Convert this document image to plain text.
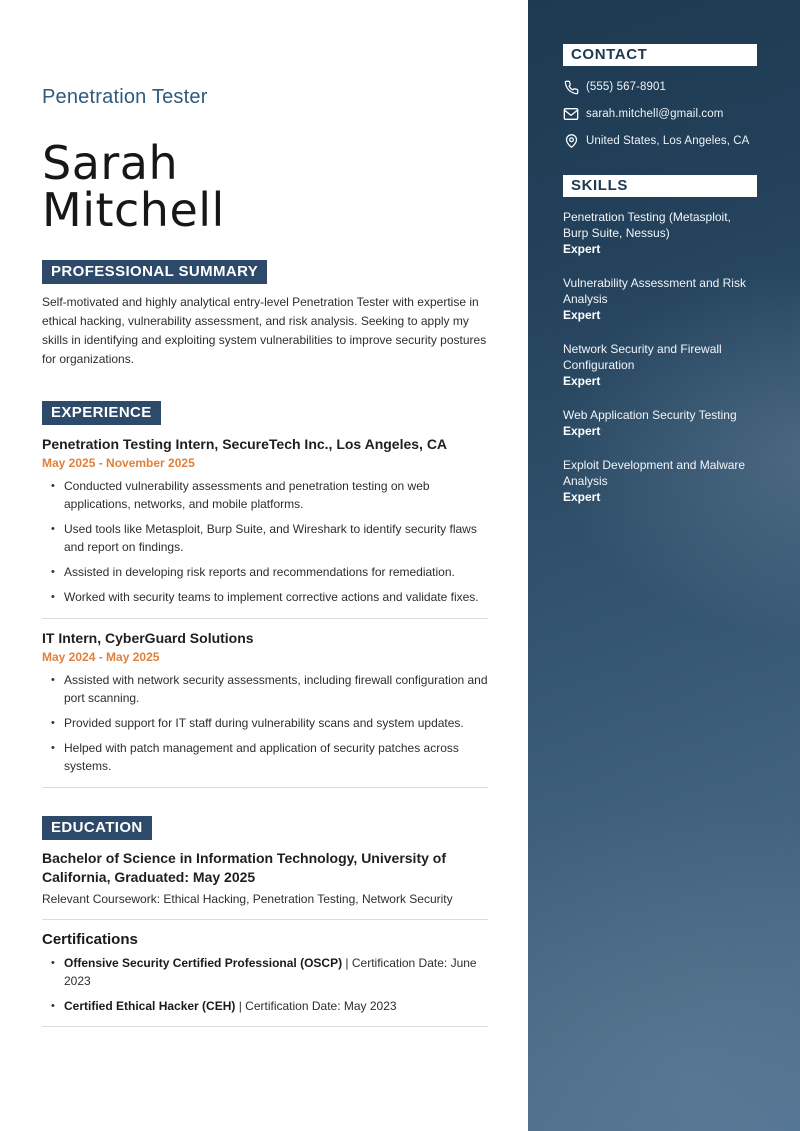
Penetration Tester
Sarah
Mitchell
PROFESSIONAL SUMMARY
Self-motivated and highly analytical entry-level Penetration Tester with expertise in ethical hacking, vulnerability assessment, and risk analysis. Seeking to apply my skills in identifying and exploiting system vulnerabilities to improve security postures for organizations.
EXPERIENCE
Penetration Testing Intern, SecureTech Inc., Los Angeles, CA
May 2025 - November 2025
• Conducted vulnerability assessments and penetration testing on web applications, networks, and mobile platforms.
• Used tools like Metasploit, Burp Suite, and Wireshark to identify security flaws and report on findings.
• Assisted in developing risk reports and recommendations for remediation.
• Worked with security teams to implement corrective actions and validate fixes.
IT Intern, CyberGuard Solutions
May 2024 - May 2025
• Assisted with network security assessments, including firewall configuration and port scanning.
• Provided support for IT staff during vulnerability scans and system updates.
• Helped with patch management and application of security patches across systems.
EDUCATION
Bachelor of Science in Information Technology, University of California, Graduated: May 2025
Relevant Coursework: Ethical Hacking, Penetration Testing, Network Security
Certifications
• Offensive Security Certified Professional (OSCP) | Certification Date: June 2023
• Certified Ethical Hacker (CEH) | Certification Date: May 2023
CONTACT
(555) 567-8901
sarah.mitchell@gmail.com
United States, Los Angeles, CA
SKILLS
Penetration Testing (Metasploit, Burp Suite, Nessus)
Expert
Vulnerability Assessment and Risk Analysis
Expert
Network Security and Firewall Configuration
Expert
Web Application Security Testing
Expert
Exploit Development and Malware Analysis
Expert
